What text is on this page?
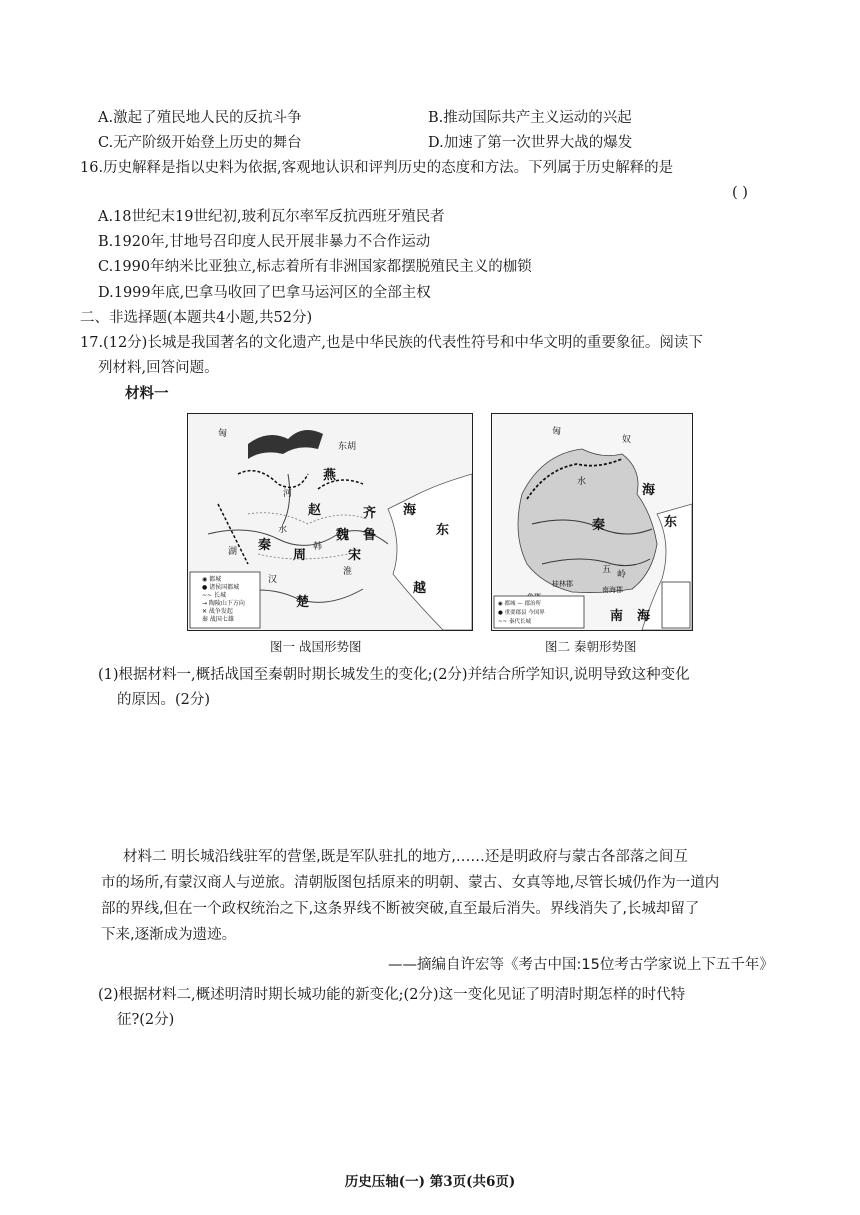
A.激起了殖民地人民的反抗斗争	B.推动国际共产主义运动的兴起
C.无产阶级开始登上历史的舞台	D.加速了第一次世界大战的爆发
16.历史解释是指以史料为依据,客观地认识和评判历史的态度和方法。下列属于历史解释的是
( )
A.18世纪末19世纪初,玻利瓦尔率军反抗西班牙殖民者
B.1920年,甘地号召印度人民开展非暴力不合作运动
C.1990年纳米比亚独立,标志着所有非洲国家都摆脱殖民主义的枷锁
D.1999年底,巴拿马收回了巴拿马运河区的全部主权
二、非选择题(本题共4小题,共52分)
17.(12分)长城是我国著名的文化遗产,也是中华民族的代表性符号和中华文明的重要象征。阅读下
列材料,回答问题。
材料一
匈
东胡
燕
赵	齐
魏
韩
周
秦
楚
宋
鲁
河
水
淮
汉
海
东
越
湖
◉ 都城
● 诸侯国都城
~~ 长城
→ 陶陵山下方向
✕ 战争发起
秦 战国七雄
图一 战国形势图
匈
奴
海
东
秦
南 海
水
五 岭
桂林郡
南海郡
◉ 都城 — 郡治所
● 重要郡县 今国界
~~ 秦代长城
图二 秦朝形势图
(1)根据材料一,概括战国至秦朝时期长城发生的变化;(2分)并结合所学知识,说明导致这种变化
的原因。(2分)
材料二 明长城沿线驻军的营堡,既是军队驻扎的地方,……还是明政府与蒙古各部落之间互
市的场所,有蒙汉商人与逆旅。清朝版图包括原来的明朝、蒙古、女真等地,尽管长城仍作为一道内
部的界线,但在一个政权统治之下,这条界线不断被突破,直至最后消失。界线消失了,长城却留了
下来,逐渐成为遗迹。
——摘编自许宏等《考古中国:15位考古学家说上下五千年》
(2)根据材料二,概述明清时期长城功能的新变化;(2分)这一变化见证了明清时期怎样的时代特
征?(2分)
历史压轴(一) 第3页(共6页)
